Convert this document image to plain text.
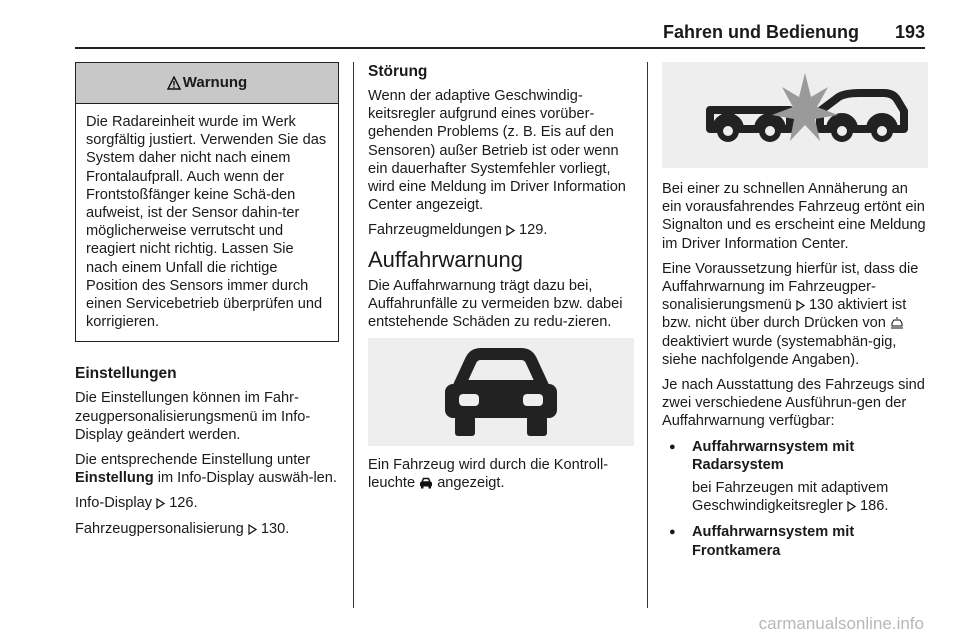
Fahren und Bedienung 193
Warnung
Die Radareinheit wurde im Werk sorgfältig justiert. Verwenden Sie das System daher nicht nach einem Frontalaufprall. Auch wenn der Frontstoßfänger keine Schä-den aufweist, ist der Sensor dahin-ter möglicherweise verrutscht und reagiert nicht richtig. Lassen Sie nach einem Unfall die richtige Position des Sensors immer durch einen Servicebetrieb überprüfen und korrigieren.
Einstellungen

Die Einstellungen können im Fahr-zeugpersonalisierungsmenü im Info-Display geändert werden.

Die entsprechende Einstellung unter Einstellung im Info-Display auswäh-len.

Info-Display 126.

Fahrzeugpersonalisierung 130.

Störung

Wenn der adaptive Geschwindig-keitsregler aufgrund eines vorüber-gehenden Problems (z. B. Eis auf den Sensoren) außer Betrieb ist oder wenn ein dauerhafter Systemfehler vorliegt, wird eine Meldung im Driver Information Center angezeigt.

Fahrzeugmeldungen 129.

Auffahrwarnung

Die Auffahrwarnung trägt dazu bei, Auffahrunfälle zu vermeiden bzw. dabei entstehende Schäden zu redu-zieren.

Ein Fahrzeug wird durch die Kontroll-leuchte angezeigt.

Bei einer zu schnellen Annäherung an ein vorausfahrendes Fahrzeug ertönt ein Signalton und es erscheint eine Meldung im Driver Information Center.

Eine Voraussetzung hierfür ist, dass die Auffahrwarnung im Fahrzeugper-sonalisierungsmenü 130 aktiviert ist bzw. nicht über durch Drücken von  deaktiviert wurde (systemabhän-gig, siehe nachfolgende Angaben).

Je nach Ausstattung des Fahrzeugs sind zwei verschiedene Ausführun-gen der Auffahrwarnung verfügbar:

● Auffahrwarnsystem mit Radarsystem
bei Fahrzeugen mit adaptivem Geschwindigkeitsregler 186.
● Auffahrwarnsystem mit Frontkamera
carmanualsonline.info
